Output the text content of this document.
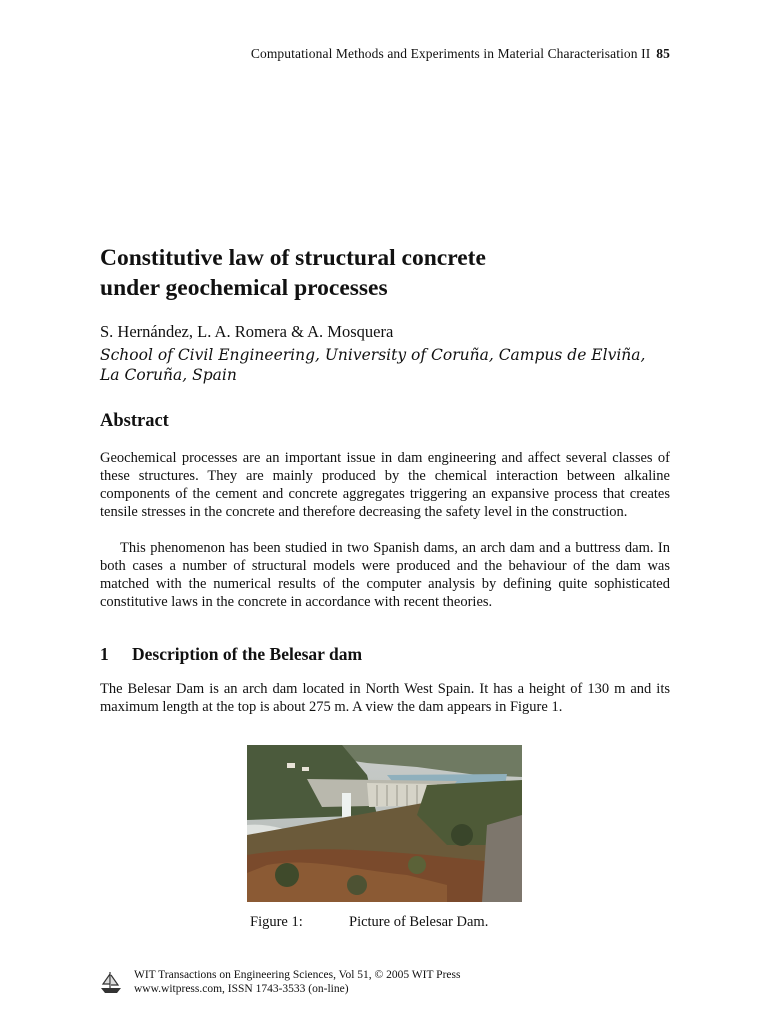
Computational Methods and Experiments in Material Characterisation II 85
Constitutive law of structural concrete
under geochemical processes
S. Hernández, L. A. Romera & A. Mosquera
School of Civil Engineering, University of Coruña, Campus de Elviña,
La Coruña, Spain
Abstract
Geochemical processes are an important issue in dam engineering and affect several classes of these structures. They are mainly produced by the chemical interaction between alkaline components of the cement and concrete aggregates triggering an expansive process that creates tensile stresses in the concrete and therefore decreasing the safety level in the construction.
This phenomenon has been studied in two Spanish dams, an arch dam and a buttress dam. In both cases a number of structural models were produced and the behaviour of the dam was matched with the numerical results of the computer analysis by defining quite sophisticated constitutive laws in the concrete in accordance with recent theories.
1 Description of the Belesar dam
The Belesar Dam is an arch dam located in North West Spain. It has a height of 130 m and its maximum length at the top is about 275 m. A view the dam appears in Figure 1.
Figure 1:	Picture of Belesar Dam.
WIT Transactions on Engineering Sciences, Vol 51, © 2005 WIT Press
www.witpress.com, ISSN 1743-3533 (on-line)
